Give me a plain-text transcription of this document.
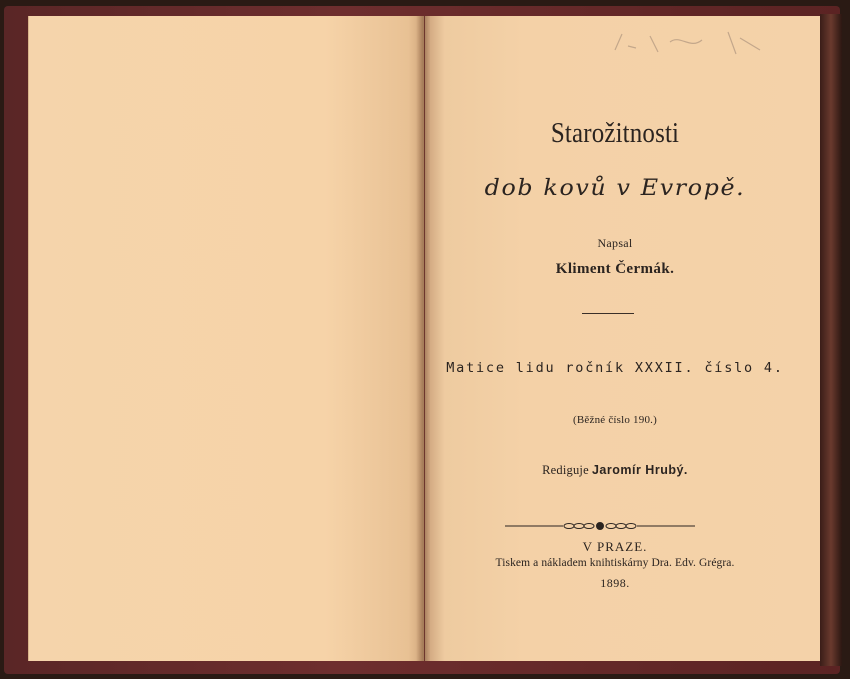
Starožitnosti
dob kovů v Evropě.
Napsal
Kliment Čermák.
Matice lidu ročník XXXII. číslo 4.
(Běžné číslo 190.)
Rediguje Jaromír Hrubý.
V PRAZE.
Tiskem a nákladem knihtiskárny Dra. Edv. Grégra.
1898.
